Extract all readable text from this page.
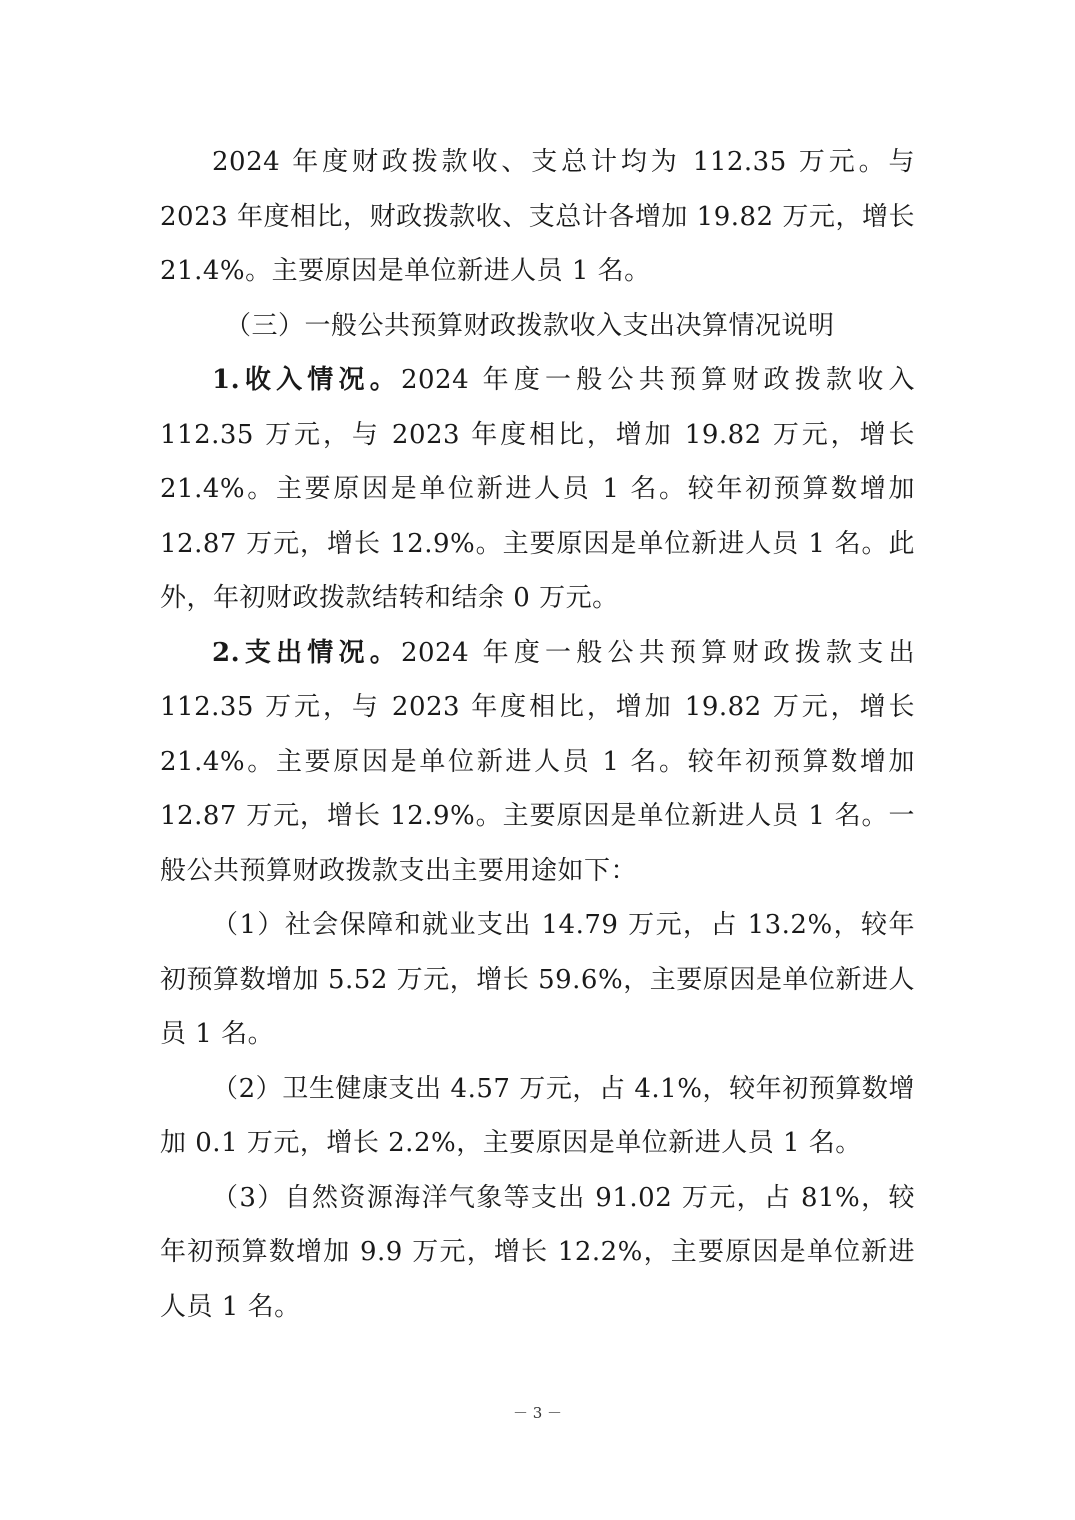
2024 年度财政拨款收、支总计均为 112.35 万元。与 2023 年度相比，财政拨款收、支总计各增加 19.82 万元，增长 21.4%。主要原因是单位新进人员 1 名。

（三）一般公共预算财政拨款收入支出决算情况说明

1.收入情况。2024 年度一般公共预算财政拨款收入 112.35 万元，与 2023 年度相比，增加 19.82 万元，增长 21.4%。主要原因是单位新进人员 1 名。较年初预算数增加 12.87 万元，增长 12.9%。主要原因是单位新进人员 1 名。此外，年初财政拨款结转和结余 0 万元。

2.支出情况。2024 年度一般公共预算财政拨款支出 112.35 万元，与 2023 年度相比，增加 19.82 万元，增长 21.4%。主要原因是单位新进人员 1 名。较年初预算数增加 12.87 万元，增长 12.9%。主要原因是单位新进人员 1 名。一般公共预算财政拨款支出主要用途如下：

（1）社会保障和就业支出 14.79 万元，占 13.2%，较年初预算数增加 5.52 万元，增长 59.6%，主要原因是单位新进人员 1 名。

（2）卫生健康支出 4.57 万元，占 4.1%，较年初预算数增加 0.1 万元，增长 2.2%，主要原因是单位新进人员 1 名。

（3）自然资源海洋气象等支出 91.02 万元，占 81%，较年初预算数增加 9.9 万元，增长 12.2%，主要原因是单位新进人员 1 名。

－ 3 －
